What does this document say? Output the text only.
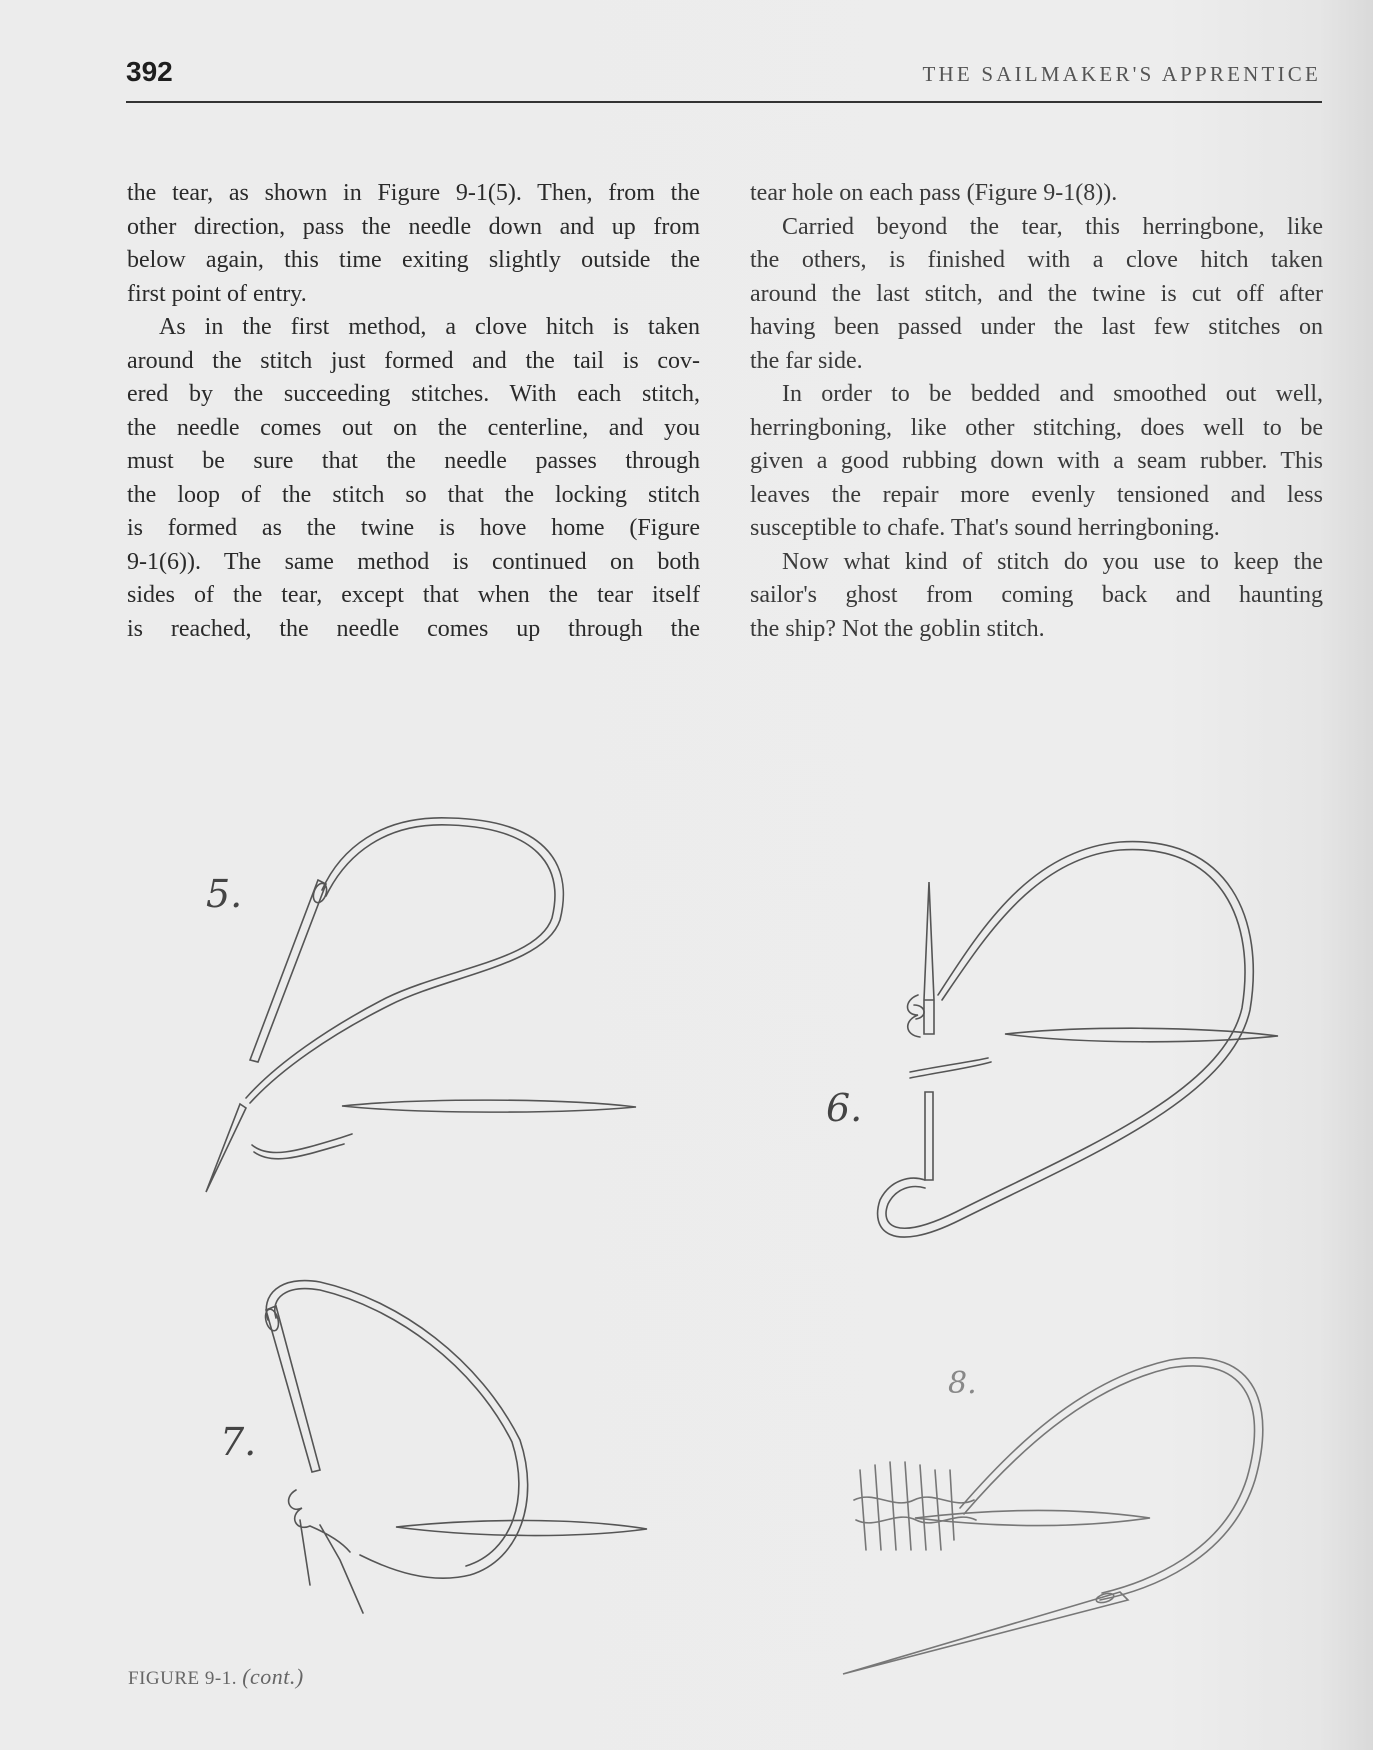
392	THE SAILMAKER'S APPRENTICE
the tear, as shown in Figure 9-1(5). Then, from the
other direction, pass the needle down and up from
below again, this time exiting slightly outside the
first point of entry.
As in the first method, a clove hitch is taken
around the stitch just formed and the tail is cov-
ered by the succeeding stitches. With each stitch,
the needle comes out on the centerline, and you
must be sure that the needle passes through
the loop of the stitch so that the locking stitch
is formed as the twine is hove home (Figure
9-1(6)). The same method is continued on both
sides of the tear, except that when the tear itself
is reached, the needle comes up through the
tear hole on each pass (Figure 9-1(8)).
Carried beyond the tear, this herringbone, like
the others, is finished with a clove hitch taken
around the last stitch, and the twine is cut off after
having been passed under the last few stitches on
the far side.
In order to be bedded and smoothed out well,
herringboning, like other stitching, does well to be
given a good rubbing down with a seam rubber. This
leaves the repair more evenly tensioned and less
susceptible to chafe. That's sound herringboning.
Now what kind of stitch do you use to keep the
sailor's ghost from coming back and haunting
the ship? Not the goblin stitch.
5.
6.
7.
8.
FIGURE 9-1. (cont.)
